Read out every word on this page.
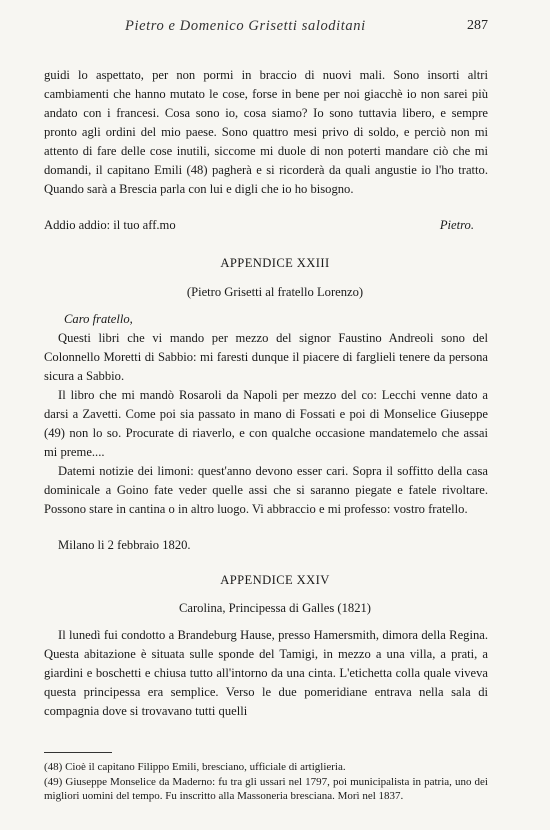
Pietro e Domenico Grisetti saloditani	287

guidi lo aspettato, per non pormi in braccio di nuovi mali. Sono insorti altri cambiamenti che hanno mutato le cose, forse in bene per noi giacchè io non sarei più andato con i francesi. Cosa sono io, cosa siamo? Io sono tuttavia libero, e sempre pronto agli ordini del mio paese. Sono quattro mesi privo di soldo, e perciò non mi attento di fare delle cose inutili, siccome mi duole di non poterti mandare ciò che mi domandi, il capitano Emili (48) pagherà e si ricorderà da quali angustie io l'ho tratto. Quando sarà a Brescia parla con lui e digli che io ho bisogno.

Addio addio: il tuo aff.mo	Pietro.
APPENDICE XXIII
(Pietro Grisetti al fratello Lorenzo)
Caro fratello,

Questi libri che vi mando per mezzo del signor Faustino Andreoli sono del Colonnello Moretti di Sabbio: mi faresti dunque il piacere di farglieli tenere da persona sicura a Sabbio.

Il libro che mi mandò Rosaroli da Napoli per mezzo del co: Lecchi venne dato a darsi a Zavetti. Come poi sia passato in mano di Fossati e poi di Monselice Giuseppe (49) non lo so. Procurate di riaverlo, e con qualche occasione mandatemelo che assai mi preme....

Datemi notizie dei limoni: quest'anno devono esser cari. Sopra il soffitto della casa dominicale a Goino fate veder quelle assi che si saranno piegate e fatele rivoltare. Possono stare in cantina o in altro luogo. Vi abbraccio e mi professo: vostro fratello.

Milano li 2 febbraio 1820.
APPENDICE XXIV
Carolina, Principessa di Galles (1821)

Il lunedì fui condotto a Brandeburg Hause, presso Hamersmith, dimora della Regina. Questa abitazione è situata sulle sponde del Tamigi, in mezzo a una villa, a prati, a giardini e boschetti e chiusa tutto all'intorno da una cinta. L'etichetta colla quale viveva questa principessa era semplice. Verso le due pomeridiane entrava nella sala di compagnia dove si trovavano tutti quelli

(48) Cioè il capitano Filippo Emili, bresciano, ufficiale di artiglieria.

(49) Giuseppe Monselice da Maderno: fu tra gli ussari nel 1797, poi municipalista in patria, uno dei migliori uomini del tempo. Fu inscritto alla Massoneria bresciana. Morì nel 1837.
